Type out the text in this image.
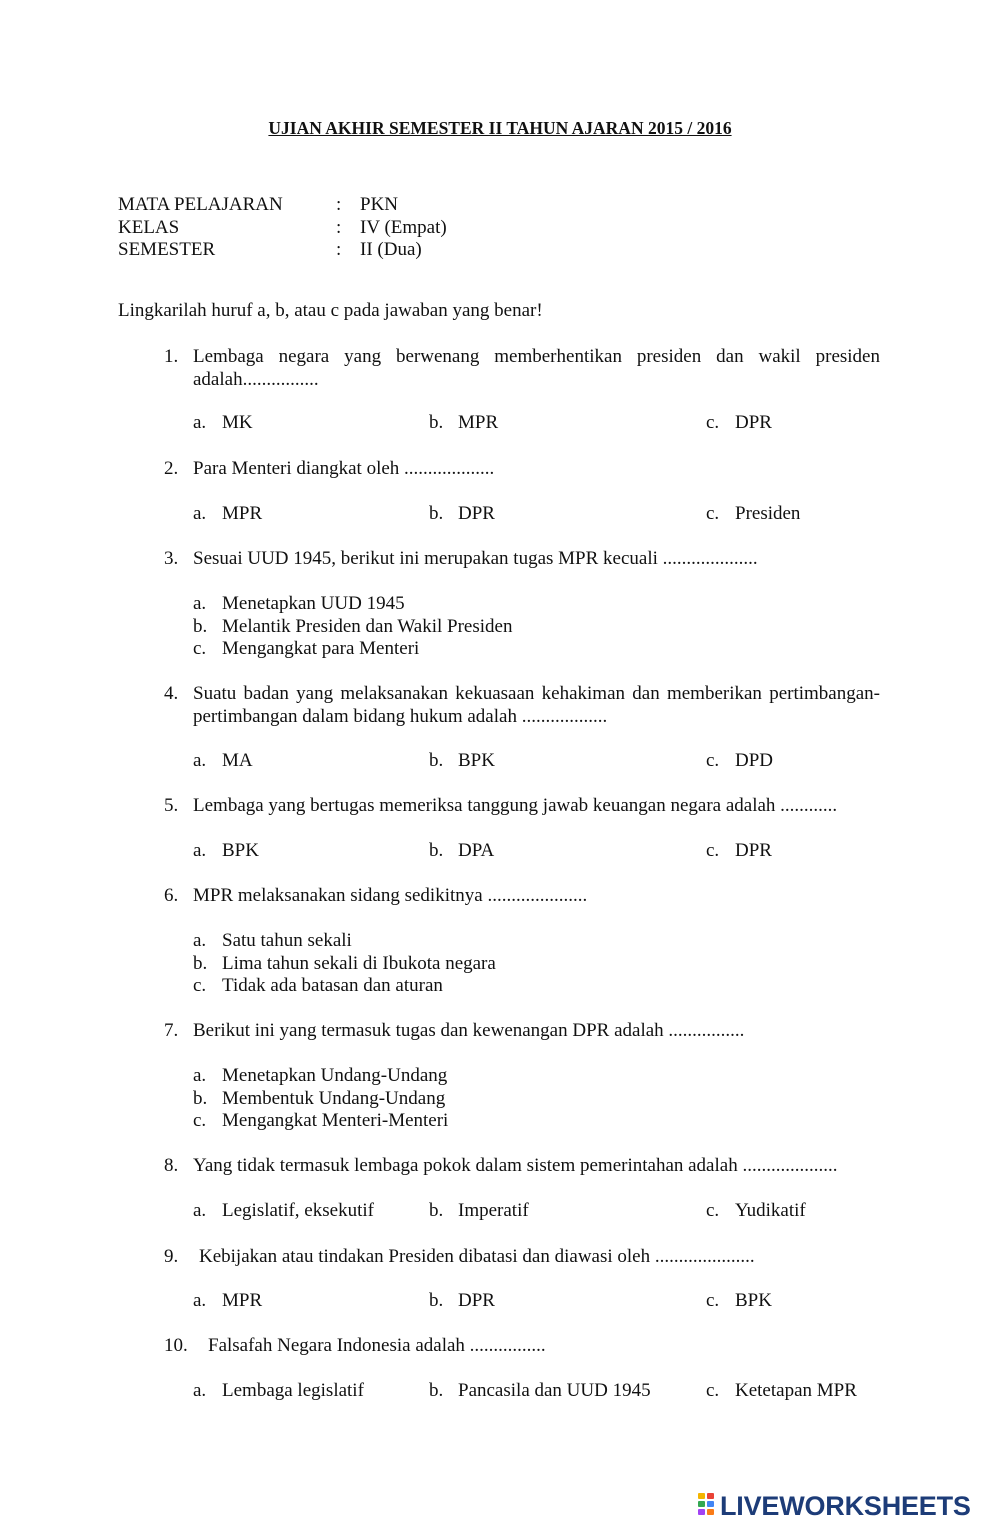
UJIAN AKHIR SEMESTER II TAHUN AJARAN 2015 / 2016
MATA PELAJARAN	: PKN
KELAS	: IV (Empat)
SEMESTER	: II (Dua)
Lingkarilah huruf a, b, atau c pada jawaban yang benar!
1. Lembaga negara yang berwenang memberhentikan presiden dan wakil presiden adalah................
a. MK	b. MPR	c. DPR
2. Para Menteri diangkat oleh ...................
a. MPR	b. DPR	c. Presiden
3. Sesuai UUD 1945, berikut ini merupakan tugas MPR kecuali ....................
a. Menetapkan UUD 1945
b. Melantik Presiden dan Wakil Presiden
c. Mengangkat para Menteri
4. Suatu badan yang melaksanakan kekuasaan kehakiman dan memberikan pertimbangan-pertimbangan dalam bidang hukum adalah ..................
a. MA	b. BPK	c. DPD
5. Lembaga yang bertugas memeriksa tanggung jawab keuangan negara adalah ............
a. BPK	b. DPA	c. DPR
6. MPR melaksanakan sidang sedikitnya .....................
a. Satu tahun sekali
b. Lima tahun sekali di Ibukota negara
c. Tidak ada batasan dan aturan
7. Berikut ini yang termasuk tugas dan kewenangan DPR adalah ................
a. Menetapkan Undang-Undang
b. Membentuk Undang-Undang
c. Mengangkat Menteri-Menteri
8. Yang tidak termasuk lembaga pokok dalam sistem pemerintahan adalah ....................
a. Legislatif, eksekutif	b. Imperatif	c. Yudikatif
9. Kebijakan atau tindakan Presiden dibatasi dan diawasi oleh .....................
a. MPR	b. DPR	c. BPK
10. Falsafah Negara Indonesia adalah ................
a. Lembaga legislatif	b. Pancasila dan UUD 1945	c. Ketetapan MPR
LIVEWORKSHEETS
